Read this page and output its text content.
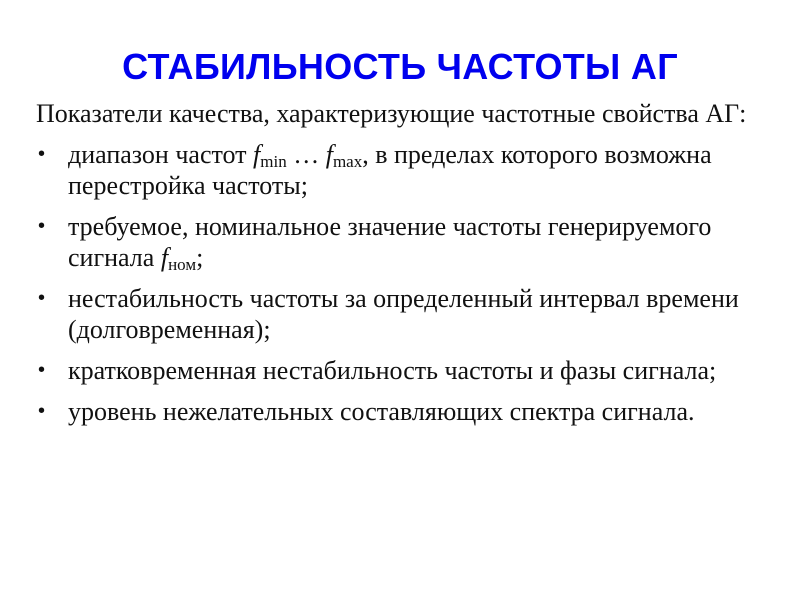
СТАБИЛЬНОСТЬ ЧАСТОТЫ АГ

Показатели качества, характеризующие частотные свойства АГ:

• диапазон частот $f_{min}$ … $f_{max}$, в пределах которого возможна перестройка частоты;
• требуемое, номинальное значение частоты генерируемого сигнала $f_{ном}$;
• нестабильность частоты за определенный интервал времени (долговременная);
• кратковременная нестабильность частоты и фазы сигнала;
• уровень нежелательных составляющих спектра сигнала.
